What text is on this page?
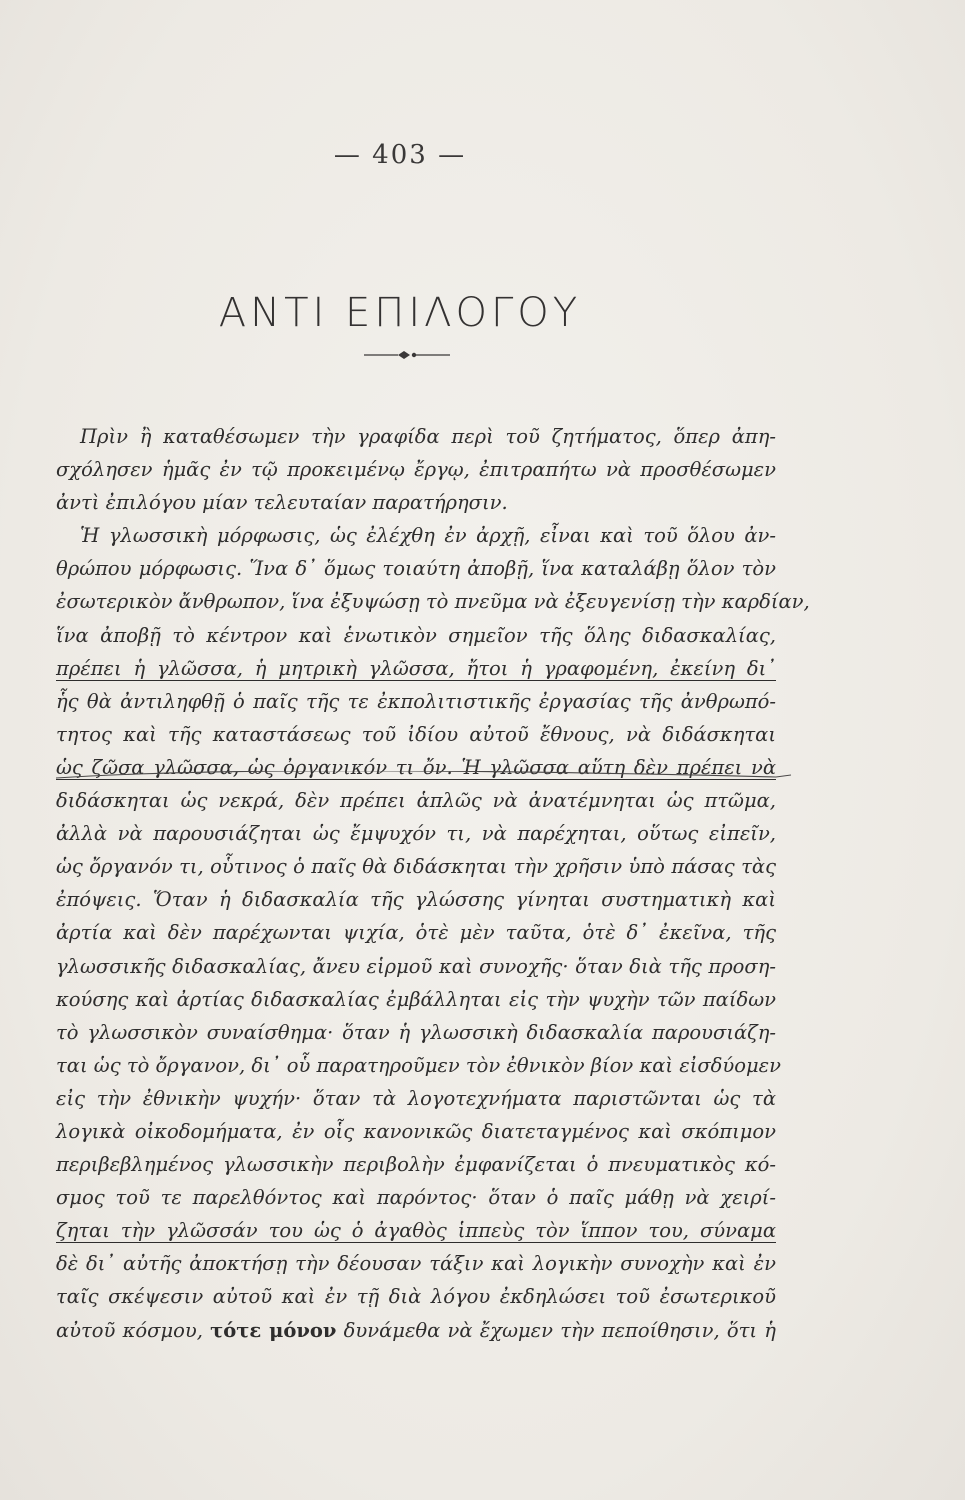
— 403 —
ΑΝΤΙ ΕΠΙΛΟΓΟΥ
Πρὶν ἢ καταθέσωμεν τὴν γραφίδα περὶ τοῦ ζητήματος, ὅπερ ἀπη-
σχόλησεν ἡμᾶς ἐν τῷ προκειμένῳ ἔργῳ, ἐπιτραπήτω νὰ προσθέσωμεν
ἀντὶ ἐπιλόγου μίαν τελευταίαν παρατήρησιν.
Ἡ γλωσσικὴ μόρφωσις, ὡς ἐλέχθη ἐν ἀρχῇ, εἶναι καὶ τοῦ ὅλου ἀν-
θρώπου μόρφωσις. Ἵνα δ᾽ ὅμως τοιαύτη ἀποβῇ, ἵνα καταλάβῃ ὅλον τὸν
ἐσωτερικὸν ἄνθρωπον, ἵνα ἐξυψώσῃ τὸ πνεῦμα νὰ ἐξευγενίσῃ τὴν καρδίαν,
ἵνα ἀποβῇ τὸ κέντρον καὶ ἑνωτικὸν σημεῖον τῆς ὅλης διδασκαλίας,
πρέπει ἡ γλῶσσα, ἡ μητρικὴ γλῶσσα, ἤτοι ἡ γραφομένη, ἐκείνη δι᾽
ἧς θὰ ἀντιληφθῇ ὁ παῖς τῆς τε ἐκπολιτιστικῆς ἐργασίας τῆς ἀνθρωπό-
τητος καὶ τῆς καταστάσεως τοῦ ἰδίου αὐτοῦ ἔθνους, νὰ διδάσκηται
ὡς ζῶσα γλῶσσα, ὡς ὀργανικόν τι ὄν. Ἡ γλῶσσα αὕτη δὲν πρέπει νὰ
διδάσκηται ὡς νεκρά, δὲν πρέπει ἁπλῶς νὰ ἀνατέμνηται ὡς πτῶμα,
ἀλλὰ νὰ παρουσιάζηται ὡς ἔμψυχόν τι, νὰ παρέχηται, οὕτως εἰπεῖν,
ὡς ὄργανόν τι, οὗτινος ὁ παῖς θὰ διδάσκηται τὴν χρῆσιν ὑπὸ πάσας τὰς
ἐπόψεις. Ὅταν ἡ διδασκαλία τῆς γλώσσης γίνηται συστηματικὴ καὶ
ἀρτία καὶ δὲν παρέχωνται ψιχία, ὁτὲ μὲν ταῦτα, ὁτὲ δ᾽ ἐκεῖνα, τῆς
γλωσσικῆς διδασκαλίας, ἄνευ εἱρμοῦ καὶ συνοχῆς· ὅταν διὰ τῆς προση-
κούσης καὶ ἀρτίας διδασκαλίας ἐμβάλληται εἰς τὴν ψυχὴν τῶν παίδων
τὸ γλωσσικὸν συναίσθημα· ὅταν ἡ γλωσσικὴ διδασκαλία παρουσιάζη-
ται ὡς τὸ ὄργανον, δι᾽ οὗ παρατηροῦμεν τὸν ἐθνικὸν βίον καὶ εἰσδύομεν
εἰς τὴν ἐθνικὴν ψυχήν· ὅταν τὰ λογοτεχνήματα παριστῶνται ὡς τὰ
λογικὰ οἰκοδομήματα, ἐν οἷς κανονικῶς διατεταγμένος καὶ σκόπιμον
περιβεβλημένος γλωσσικὴν περιβολὴν ἐμφανίζεται ὁ πνευματικὸς κό-
σμος τοῦ τε παρελθόντος καὶ παρόντος· ὅταν ὁ παῖς μάθῃ νὰ χειρί-
ζηται τὴν γλῶσσάν του ὡς ὁ ἀγαθὸς ἱππεὺς τὸν ἵππον του, σύναμα
δὲ δι᾽ αὐτῆς ἀποκτήσῃ τὴν δέουσαν τάξιν καὶ λογικὴν συνοχὴν καὶ ἐν
ταῖς σκέψεσιν αὐτοῦ καὶ ἐν τῇ διὰ λόγου ἐκδηλώσει τοῦ ἐσωτερικοῦ
αὐτοῦ κόσμου, τότε μόνον δυνάμεθα νὰ ἔχωμεν τὴν πεποίθησιν, ὅτι ἡ
